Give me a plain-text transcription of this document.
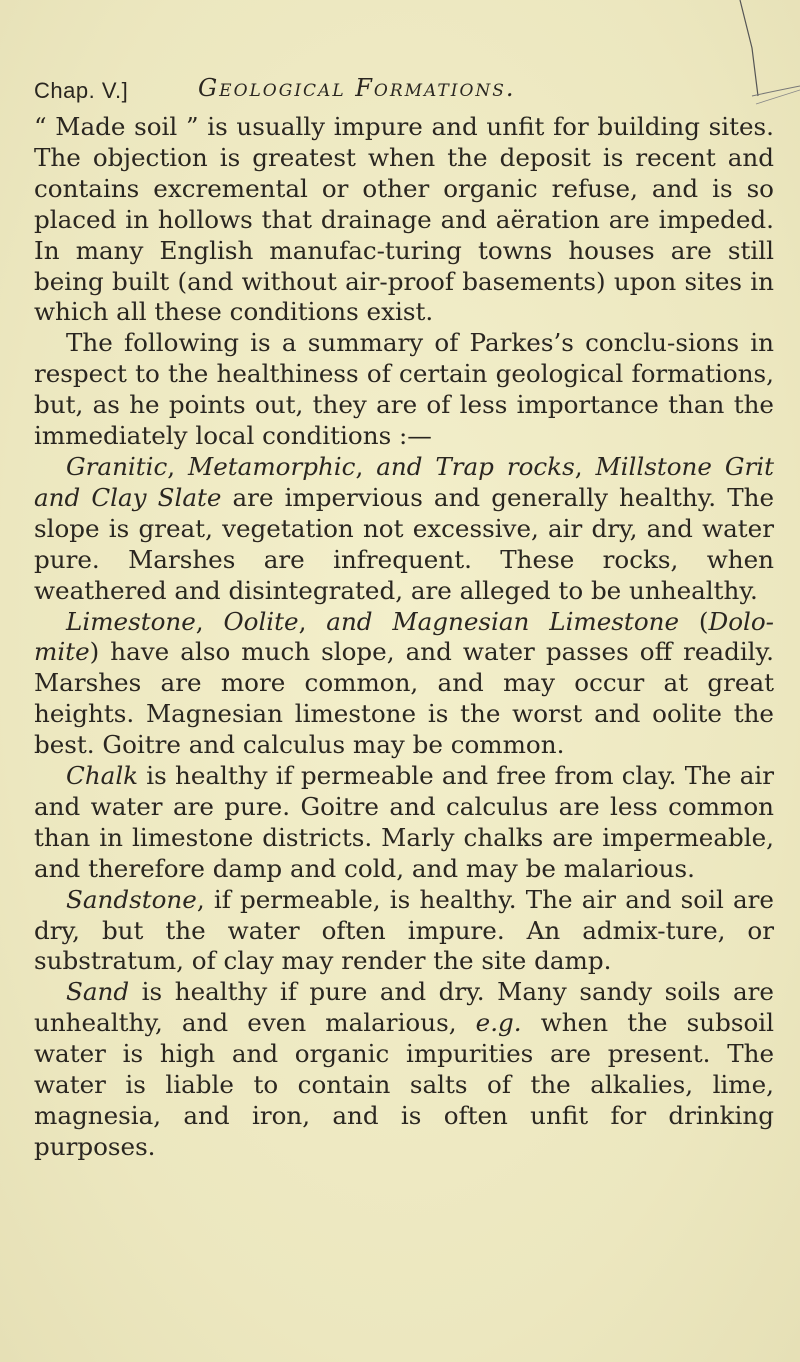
Chap. V.]	Geological Formations.

“ Made soil ” is usually impure and unfit for building sites. The objection is greatest when the deposit is recent and contains excremental or other organic refuse, and is so placed in hollows that drainage and aëration are impeded. In many English manufac-turing towns houses are still being built (and without air-proof basements) upon sites in which all these conditions exist.

The following is a summary of Parkes’s conclu-sions in respect to the healthiness of certain geological formations, but, as he points out, they are of less importance than the immediately local conditions :—

Granitic, Metamorphic, and Trap rocks, Millstone Grit and Clay Slate are impervious and generally healthy. The slope is great, vegetation not excessive, air dry, and water pure. Marshes are infrequent. These rocks, when weathered and disintegrated, are alleged to be unhealthy.

Limestone, Oolite, and Magnesian Limestone (Dolo-mite) have also much slope, and water passes off readily. Marshes are more common, and may occur at great heights. Magnesian limestone is the worst and oolite the best. Goitre and calculus may be common.

Chalk is healthy if permeable and free from clay. The air and water are pure. Goitre and calculus are less common than in limestone districts. Marly chalks are impermeable, and therefore damp and cold, and may be malarious.

Sandstone, if permeable, is healthy. The air and soil are dry, but the water often impure. An admix-ture, or substratum, of clay may render the site damp.

Sand is healthy if pure and dry. Many sandy soils are unhealthy, and even malarious, e.g. when the subsoil water is high and organic impurities are present. The water is liable to contain salts of the alkalies, lime, magnesia, and iron, and is often unfit for drinking purposes.
